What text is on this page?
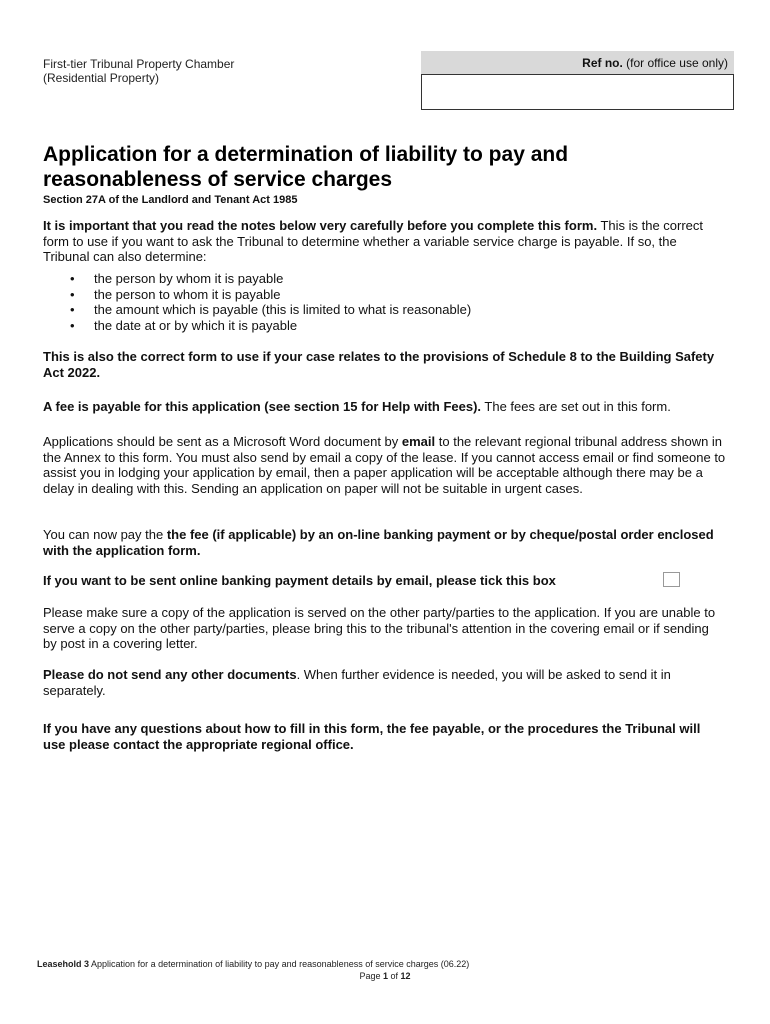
First-tier Tribunal Property Chamber
(Residential Property)
Ref no. (for office use only)
Application for a determination of liability to pay and reasonableness of service charges
Section 27A of the Landlord and Tenant Act 1985
It is important that you read the notes below very carefully before you complete this form. This is the correct form to use if you want to ask the Tribunal to determine whether a variable service charge is payable. If so, the Tribunal can also determine:
• the person by whom it is payable
• the person to whom it is payable
• the amount which is payable (this is limited to what is reasonable)
• the date at or by which it is payable
This is also the correct form to use if your case relates to the provisions of Schedule 8 to the Building Safety Act 2022.
A fee is payable for this application (see section 15 for Help with Fees). The fees are set out in this form.
Applications should be sent as a Microsoft Word document by email to the relevant regional tribunal address shown in the Annex to this form. You must also send by email a copy of the lease. If you cannot access email or find someone to assist you in lodging your application by email, then a paper application will be acceptable although there may be a delay in dealing with this. Sending an application on paper will not be suitable in urgent cases.
You can now pay the the fee (if applicable) by an on-line banking payment or by cheque/postal order enclosed with the application form.
If you want to be sent online banking payment details by email, please tick this box
Please make sure a copy of the application is served on the other party/parties to the application. If you are unable to serve a copy on the other party/parties, please bring this to the tribunal's attention in the covering email or if sending by post in a covering letter.
Please do not send any other documents. When further evidence is needed, you will be asked to send it in separately.
If you have any questions about how to fill in this form, the fee payable, or the procedures the Tribunal will use please contact the appropriate regional office.
Leasehold 3 Application for a determination of liability to pay and reasonableness of service charges (06.22)
Page 1 of 12
